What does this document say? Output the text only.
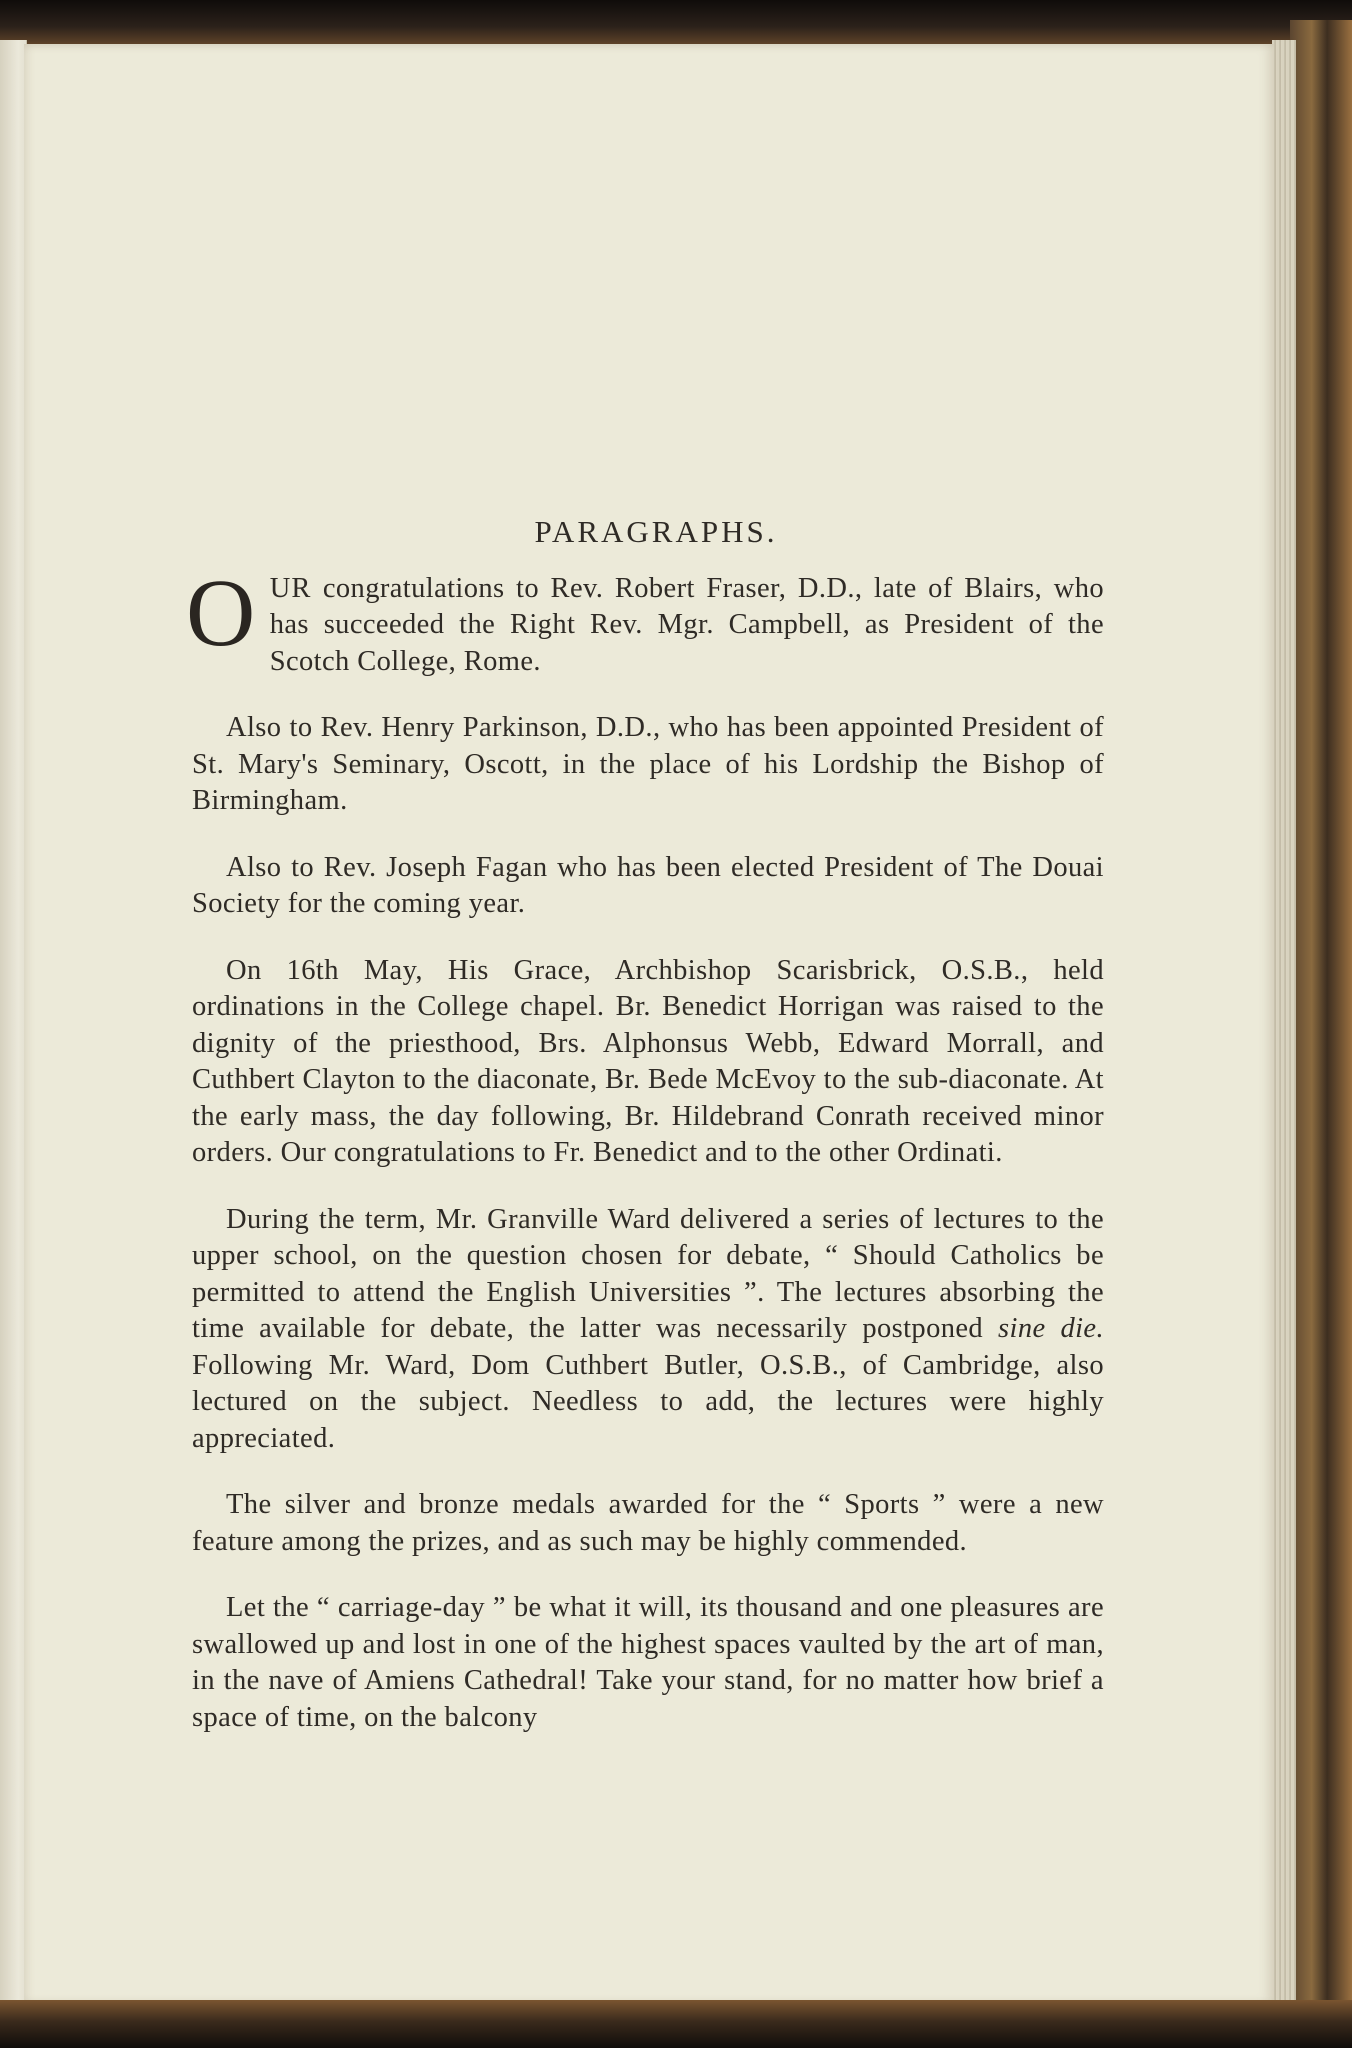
PARAGRAPHS.

OUR congratulations to Rev. Robert Fraser, D.D., late of Blairs, who has succeeded the Right Rev. Mgr. Campbell, as President of the Scotch College, Rome.

Also to Rev. Henry Parkinson, D.D., who has been appointed President of St. Mary's Seminary, Oscott, in the place of his Lordship the Bishop of Birmingham.

Also to Rev. Joseph Fagan who has been elected President of The Douai Society for the coming year.

On 16th May, His Grace, Archbishop Scarisbrick, O.S.B., held ordinations in the College chapel. Br. Benedict Horrigan was raised to the dignity of the priesthood, Brs. Alphonsus Webb, Edward Morrall, and Cuthbert Clayton to the diaconate, Br. Bede McEvoy to the sub-diaconate. At the early mass, the day following, Br. Hildebrand Conrath received minor orders. Our congratulations to Fr. Benedict and to the other Ordinati.

During the term, Mr. Granville Ward delivered a series of lectures to the upper school, on the question chosen for debate, “ Should Catholics be permitted to attend the English Universities ”. The lectures absorbing the time available for debate, the latter was necessarily postponed sine die. Following Mr. Ward, Dom Cuthbert Butler, O.S.B., of Cambridge, also lectured on the subject. Needless to add, the lectures were highly appreciated.

The silver and bronze medals awarded for the “ Sports ” were a new feature among the prizes, and as such may be highly commended.

Let the “ carriage-day ” be what it will, its thousand and one pleasures are swallowed up and lost in one of the highest spaces vaulted by the art of man, in the nave of Amiens Cathedral! Take your stand, for no matter how brief a space of time, on the balcony
